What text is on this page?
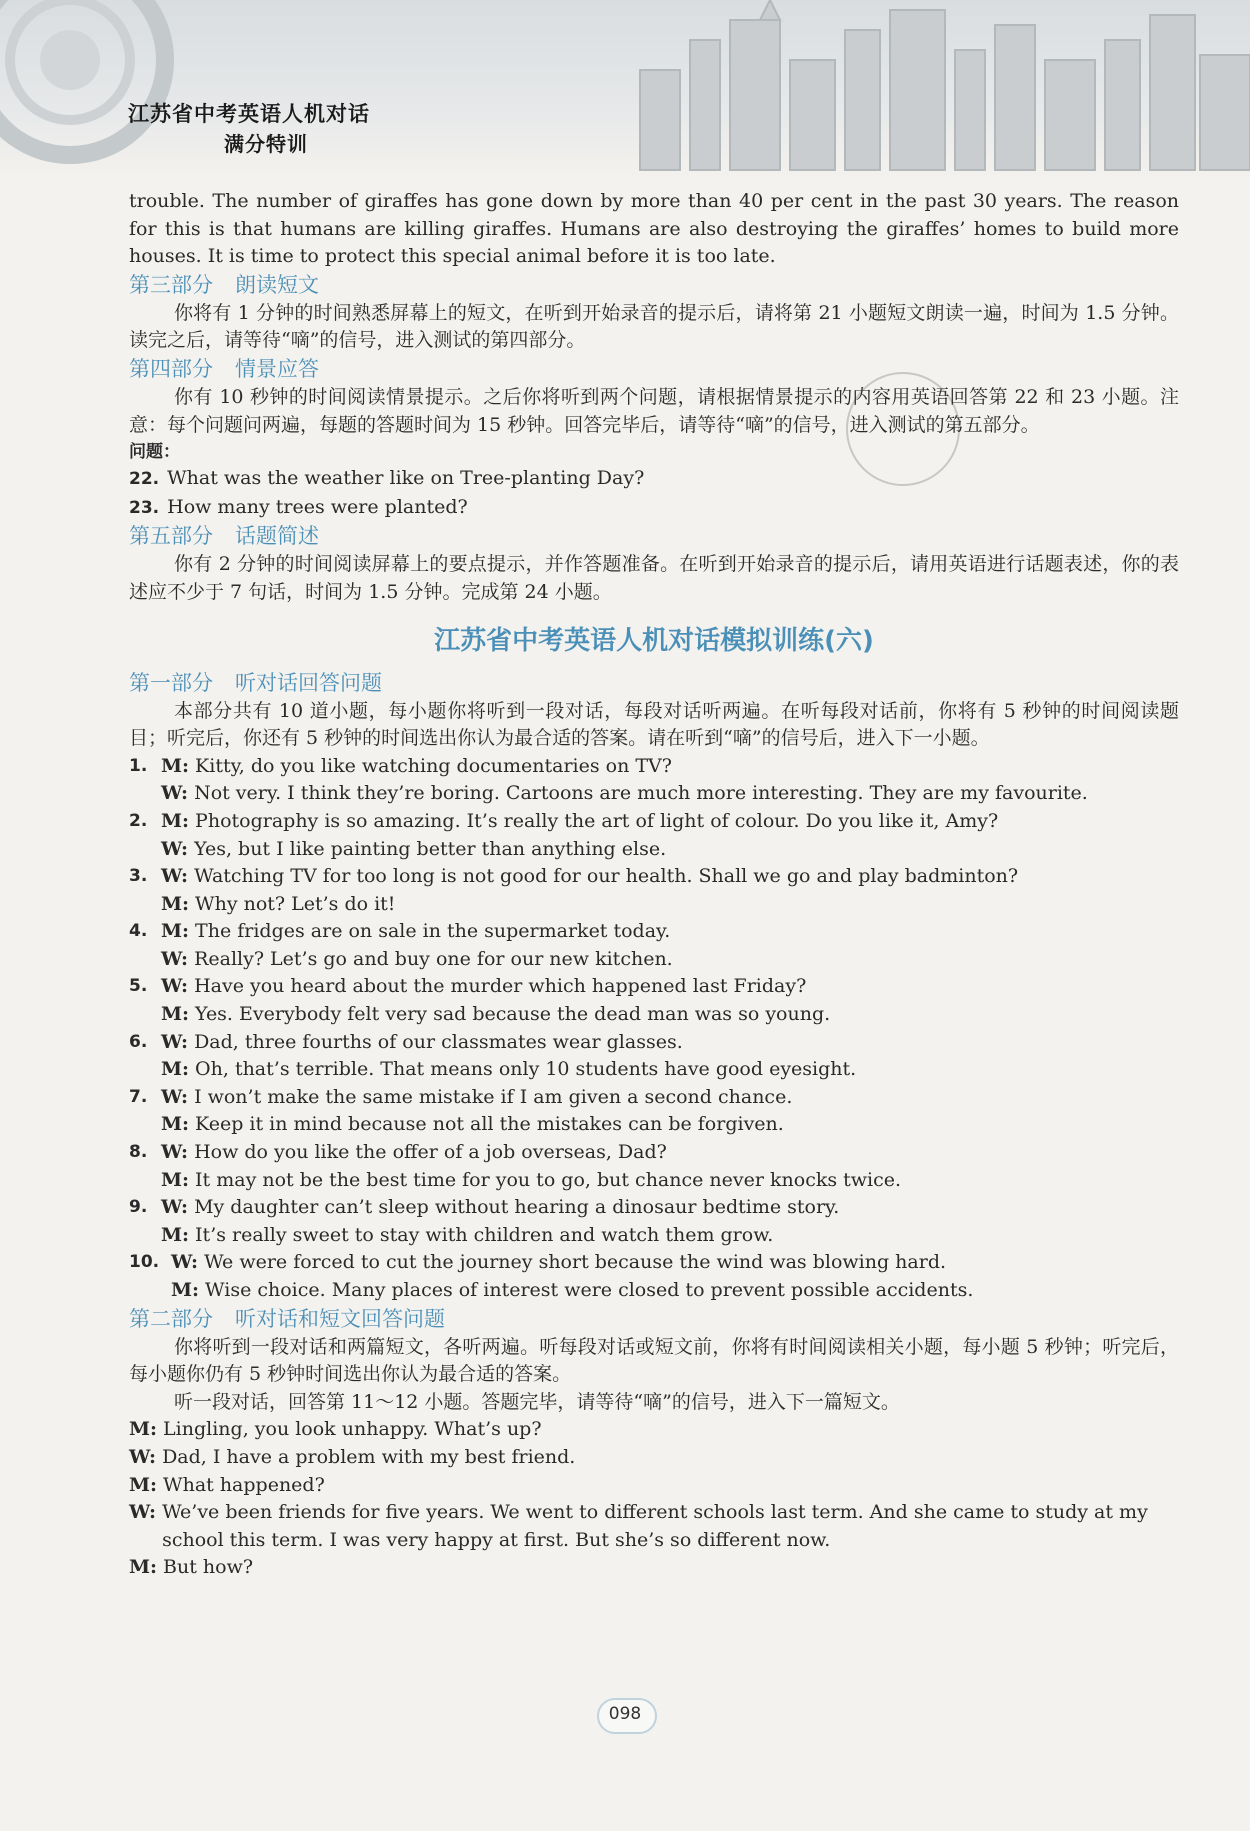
江苏省中考英语人机对话
满分特训

trouble. The number of giraffes has gone down by more than 40 per cent in the past 30 years. The reason for this is that humans are killing giraffes. Humans are also destroying the giraffes’ homes to build more houses. It is time to protect this special animal before it is too late.

第三部分 朗读短文

你将有 1 分钟的时间熟悉屏幕上的短文，在听到开始录音的提示后，请将第 21 小题短文朗读一遍，时间为 1.5 分钟。读完之后，请等待“嘀”的信号，进入测试的第四部分。

第四部分 情景应答

你有 10 秒钟的时间阅读情景提示。之后你将听到两个问题，请根据情景提示的内容用英语回答第 22 和 23 小题。注意：每个问题问两遍，每题的答题时间为 15 秒钟。回答完毕后，请等待“嘀”的信号，进入测试的第五部分。

问题：

22. What was the weather like on Tree-planting Day?

23. How many trees were planted?

第五部分 话题简述

你有 2 分钟的时间阅读屏幕上的要点提示，并作答题准备。在听到开始录音的提示后，请用英语进行话题表述，你的表述应不少于 7 句话，时间为 1.5 分钟。完成第 24 小题。

江苏省中考英语人机对话模拟训练(六)

第一部分 听对话回答问题

本部分共有 10 道小题，每小题你将听到一段对话，每段对话听两遍。在听每段对话前，你将有 5 秒钟的时间阅读题目；听完后，你还有 5 秒钟的时间选出你认为最合适的答案。请在听到“嘀”的信号后，进入下一小题。

1. M: Kitty, do you like watching documentaries on TV?

W: Not very. I think they’re boring. Cartoons are much more interesting. They are my favourite.

2. M: Photography is so amazing. It’s really the art of light of colour. Do you like it, Amy?

W: Yes, but I like painting better than anything else.

3. W: Watching TV for too long is not good for our health. Shall we go and play badminton?

M: Why not? Let’s do it!

4. M: The fridges are on sale in the supermarket today.

W: Really? Let’s go and buy one for our new kitchen.

5. W: Have you heard about the murder which happened last Friday?

M: Yes. Everybody felt very sad because the dead man was so young.

6. W: Dad, three fourths of our classmates wear glasses.

M: Oh, that’s terrible. That means only 10 students have good eyesight.

7. W: I won’t make the same mistake if I am given a second chance.

M: Keep it in mind because not all the mistakes can be forgiven.

8. W: How do you like the offer of a job overseas, Dad?

M: It may not be the best time for you to go, but chance never knocks twice.

9. W: My daughter can’t sleep without hearing a dinosaur bedtime story.

M: It’s really sweet to stay with children and watch them grow.

10. W: We were forced to cut the journey short because the wind was blowing hard.

M: Wise choice. Many places of interest were closed to prevent possible accidents.

第二部分 听对话和短文回答问题

你将听到一段对话和两篇短文，各听两遍。听每段对话或短文前，你将有时间阅读相关小题，每小题 5 秒钟；听完后，每小题你仍有 5 秒钟时间选出你认为最合适的答案。

听一段对话，回答第 11～12 小题。答题完毕，请等待“嘀”的信号，进入下一篇短文。

M: Lingling, you look unhappy. What’s up?

W: Dad, I have a problem with my best friend.

M: What happened?

W: We’ve been friends for five years. We went to different schools last term. And she came to study at my school this term. I was very happy at first. But she’s so different now.

M: But how?

098
